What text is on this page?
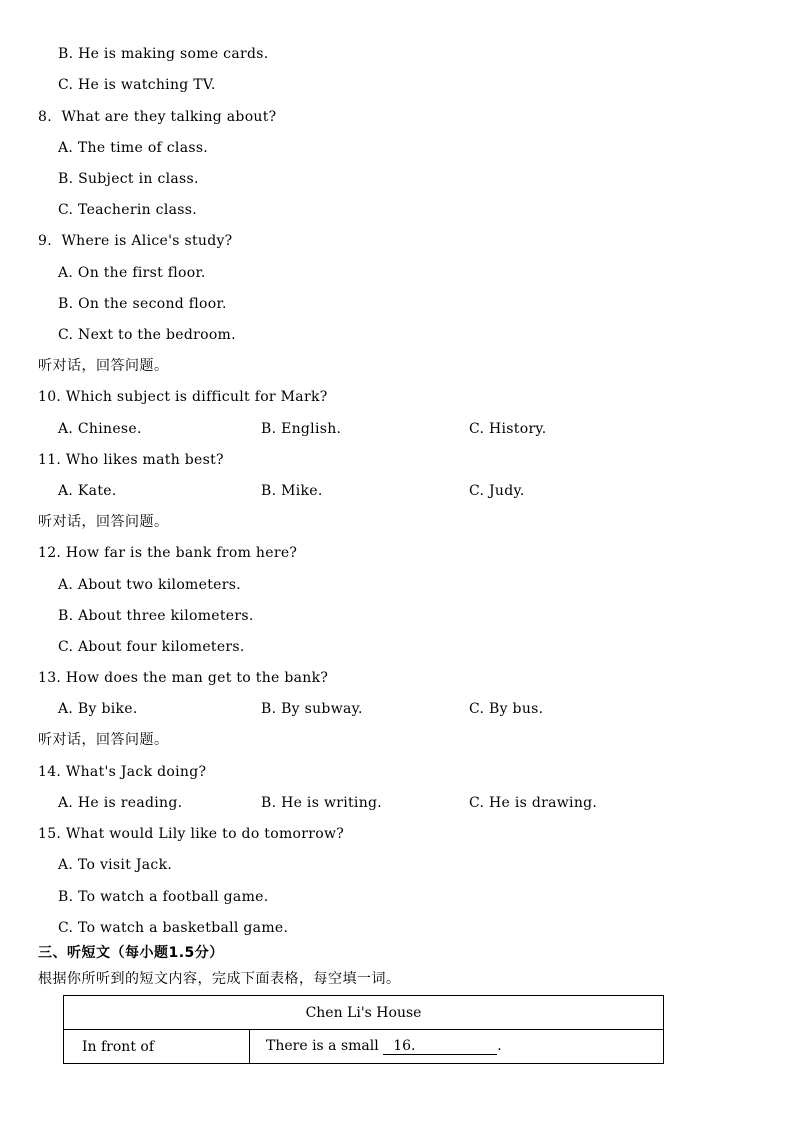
B. He is making some cards.
C. He is watching TV.
8.  What are they talking about?
A. The time of class.
B. Subject in class.
C. Teacherin class.
9.  Where is Alice's study?
A. On the first floor.
B. On the second floor.
C. Next to the bedroom.
听对话，回答问题。
10. Which subject is difficult for Mark?
A. Chinese.	B. English.	C. History.
11. Who likes math best?
A. Kate.	B. Mike.	C. Judy.
听对话，回答问题。
12. How far is the bank from here?
A. About two kilometers.
B. About three kilometers.
C. About four kilometers.
13. How does the man get to the bank?
A. By bike.	B. By subway.	C. By bus.
听对话，回答问题。
14. What's Jack doing?
A. He is reading.	B. He is writing.	C. He is drawing.
15. What would Lily like to do tomorrow?
A. To visit Jack.
B. To watch a football game.
C. To watch a basketball game.
三、听短文（每小题1.5分）
根据你所听到的短文内容，完成下面表格，每空填一词。
Chen Li's House
In front of	There is a small 16.	.
